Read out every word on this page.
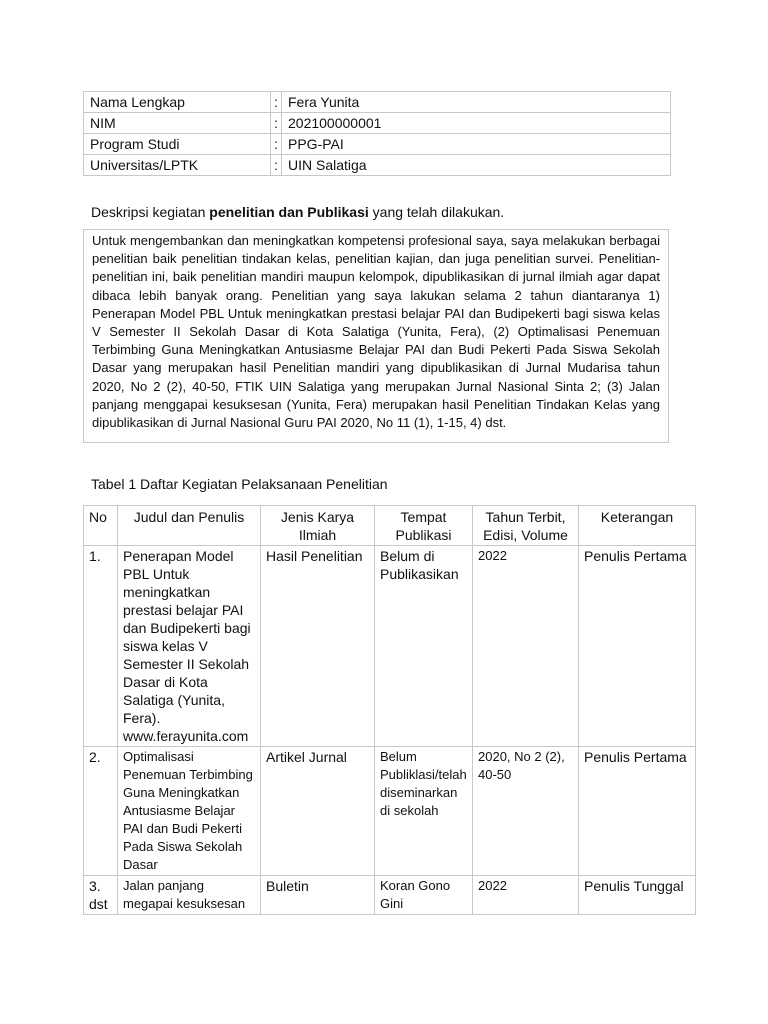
Nama Lengkap	:	Fera Yunita
NIM	:	202100000001
Program Studi	:	PPG-PAI
Universitas/LPTK	:	UIN Salatiga
Deskripsi kegiatan penelitian dan Publikasi yang telah dilakukan.

Untuk mengembankan dan meningkatkan kompetensi profesional saya, saya melakukan berbagai penelitian baik penelitian tindakan kelas, penelitian kajian, dan juga penelitian survei. Penelitian-penelitian ini, baik penelitian mandiri maupun kelompok, dipublikasikan di jurnal ilmiah agar dapat dibaca lebih banyak orang. Penelitian yang saya lakukan selama 2 tahun diantaranya 1) Penerapan Model PBL Untuk meningkatkan prestasi belajar PAI dan Budipekerti bagi siswa kelas V Semester II Sekolah Dasar di Kota Salatiga (Yunita, Fera), (2) Optimalisasi Penemuan Terbimbing Guna Meningkatkan Antusiasme Belajar PAI dan Budi Pekerti Pada Siswa Sekolah Dasar yang merupakan hasil Penelitian mandiri yang dipublikasikan di Jurnal Mudarisa tahun 2020, No 2 (2), 40-50, FTIK UIN Salatiga yang merupakan Jurnal Nasional Sinta 2; (3) Jalan panjang menggapai kesuksesan (Yunita, Fera) merupakan hasil Penelitian Tindakan Kelas yang dipublikasikan di Jurnal Nasional Guru PAI 2020, No 11 (1), 1-15, 4) dst.

Tabel 1 Daftar Kegiatan Pelaksanaan Penelitian
No	Judul dan Penulis	Jenis Karya Ilmiah	Tempat Publikasi	Tahun Terbit, Edisi, Volume	Keterangan
1.	Penerapan Model PBL Untuk meningkatkan prestasi belajar PAI dan Budipekerti bagi siswa kelas V Semester II Sekolah Dasar di Kota Salatiga (Yunita, Fera). www.ferayunita.com	Hasil Penelitian	Belum di Publikasikan	2022	Penulis Pertama
2.	Optimalisasi Penemuan Terbimbing Guna Meningkatkan Antusiasme Belajar PAI dan Budi Pekerti Pada Siswa Sekolah Dasar	Artikel Jurnal	Belum Publiklasi/telah diseminarkan di sekolah	2020, No 2 (2), 40-50	Penulis Pertama
3. dst	Jalan panjang megapai kesuksesan	Buletin	Koran Gono Gini	2022	Penulis Tunggal
